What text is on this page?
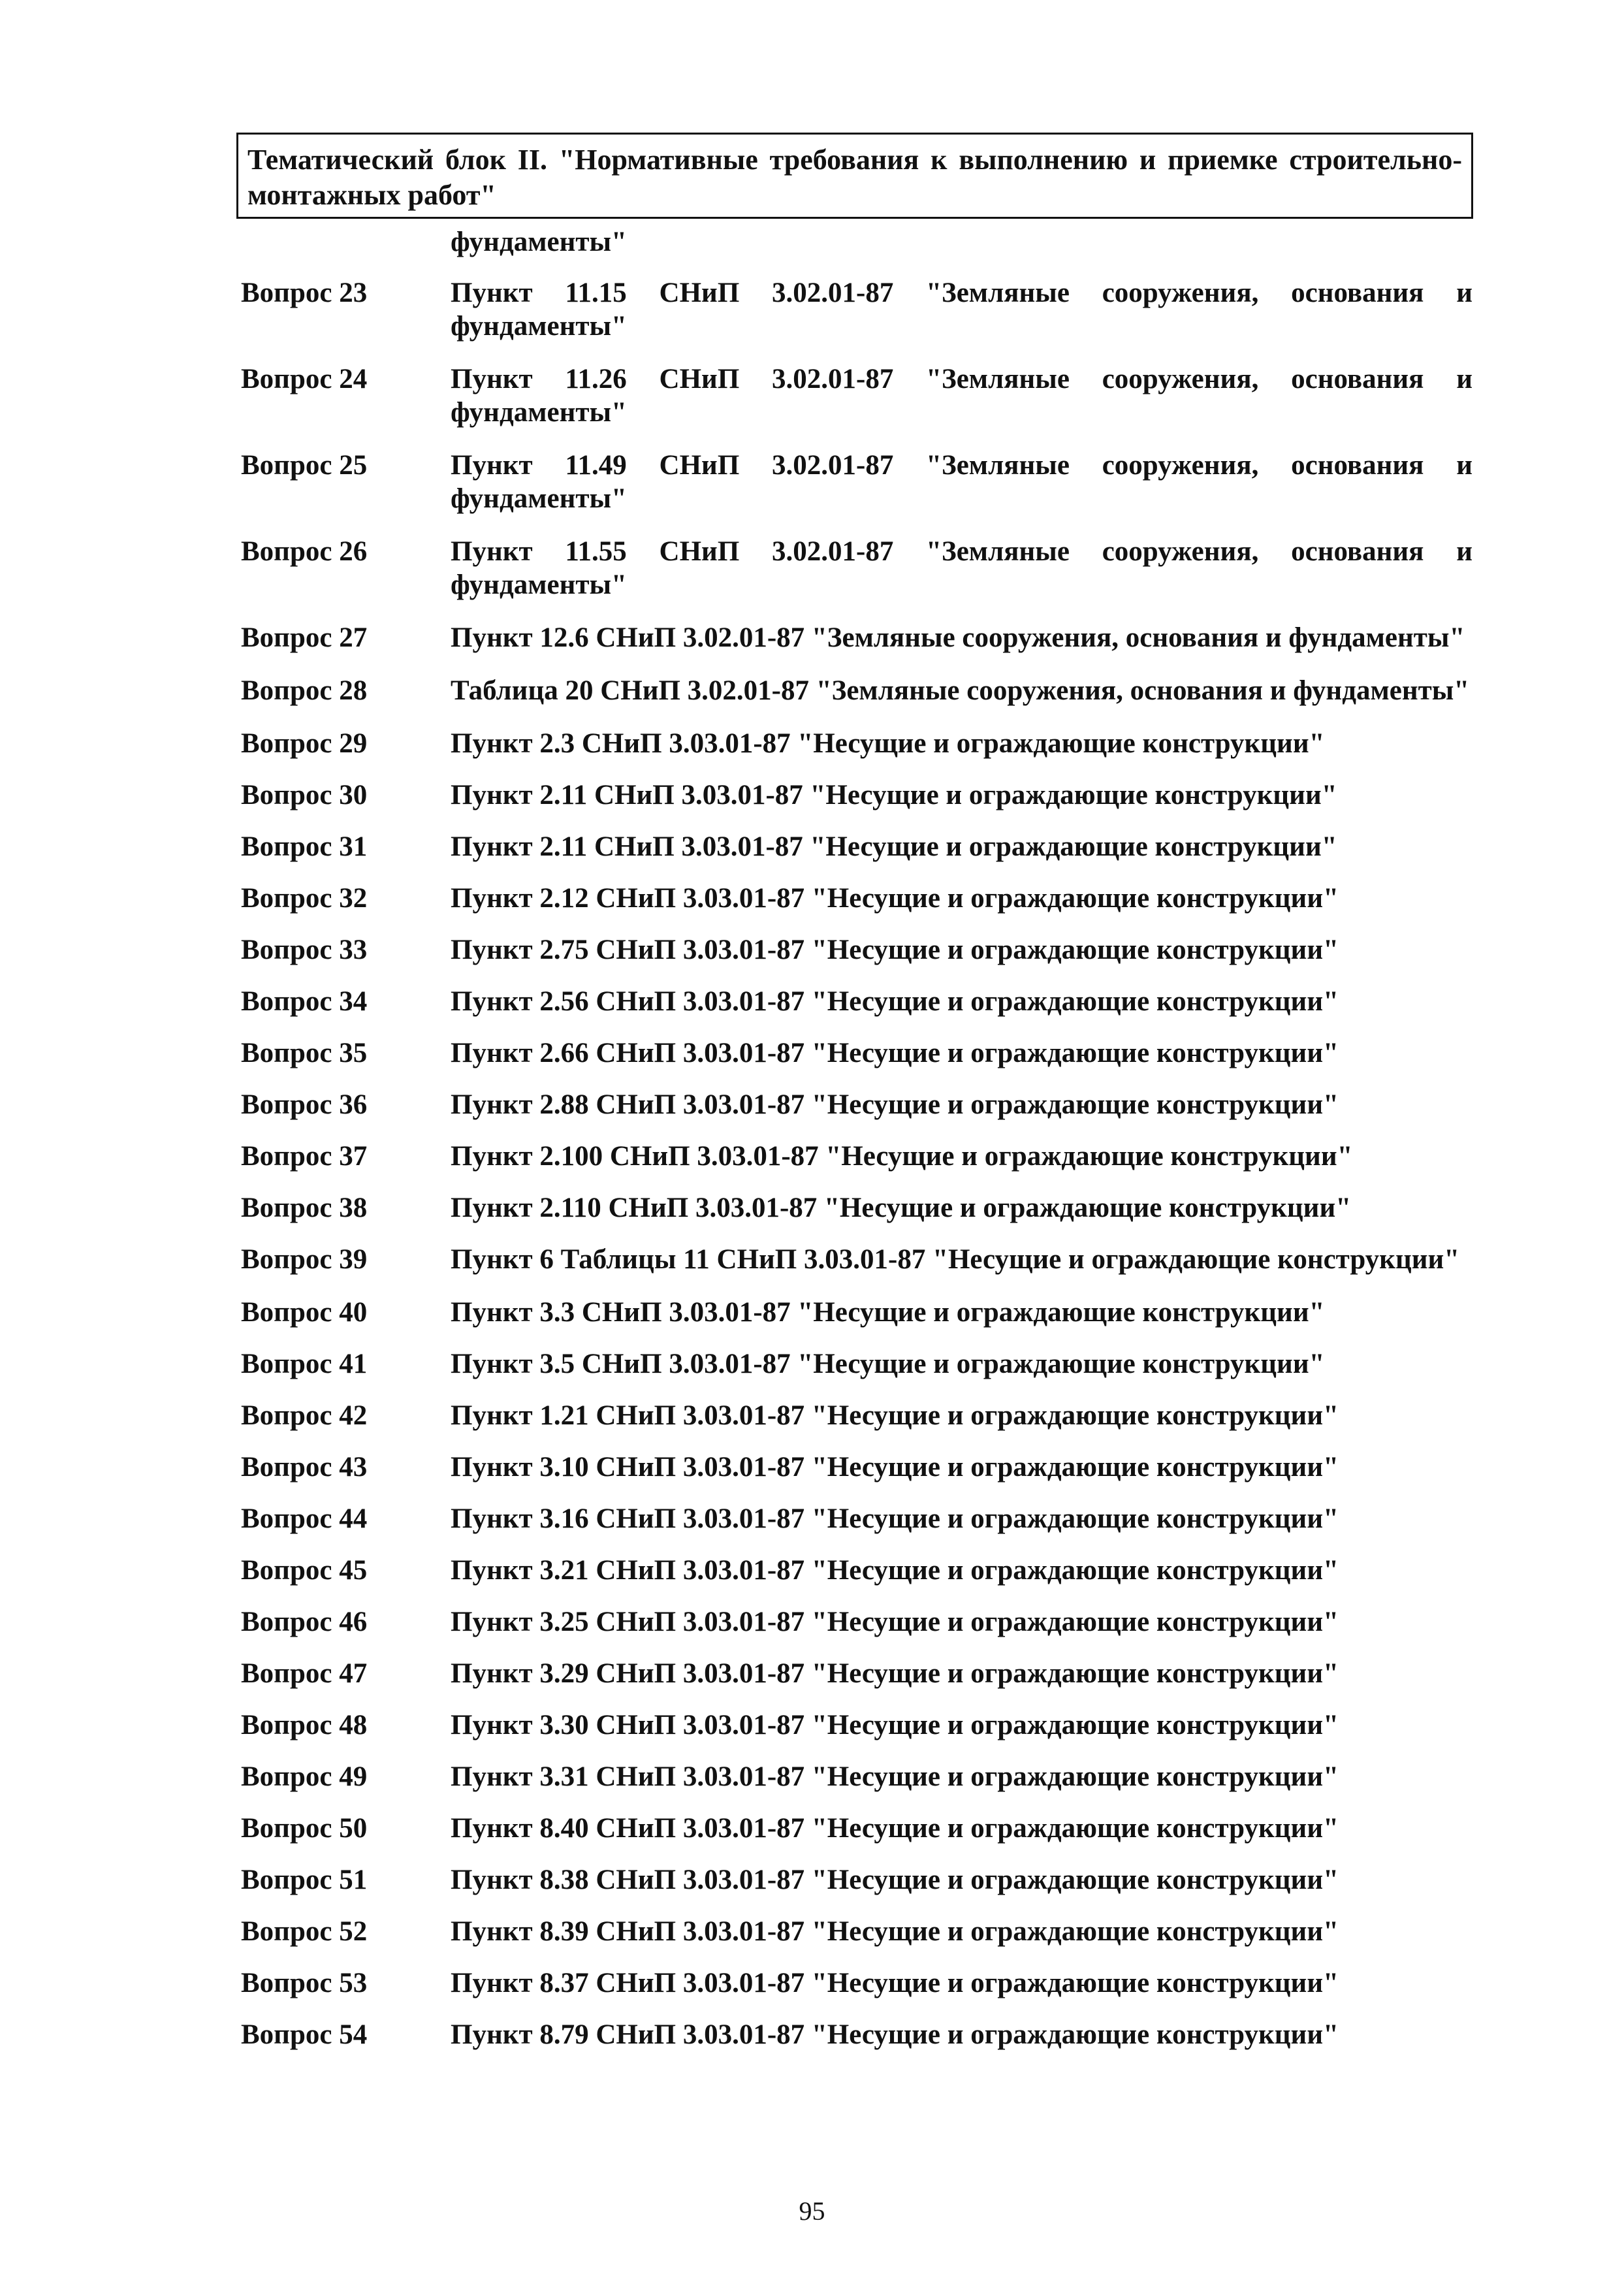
Тематический блок II. "Нормативные требования к выполнению и приемке строительно-монтажных работ"
фундаменты"
Вопрос 23	Пункт 11.15 СНиП 3.02.01-87 "Земляные сооружения, основания и фундаменты"
Вопрос 24	Пункт 11.26 СНиП 3.02.01-87 "Земляные сооружения, основания и фундаменты"
Вопрос 25	Пункт 11.49 СНиП 3.02.01-87 "Земляные сооружения, основания и фундаменты"
Вопрос 26	Пункт 11.55 СНиП 3.02.01-87 "Земляные сооружения, основания и фундаменты"
Вопрос 27	Пункт 12.6 СНиП 3.02.01-87 "Земляные сооружения, основания и фундаменты"
Вопрос 28	Таблица 20 СНиП 3.02.01-87 "Земляные сооружения, основания и фундаменты"
Вопрос 29	Пункт 2.3 СНиП 3.03.01-87 "Несущие и ограждающие конструкции"
Вопрос 30	Пункт 2.11 СНиП 3.03.01-87 "Несущие и ограждающие конструкции"
Вопрос 31	Пункт 2.11 СНиП 3.03.01-87 "Несущие и ограждающие конструкции"
Вопрос 32	Пункт 2.12 СНиП 3.03.01-87 "Несущие и ограждающие конструкции"
Вопрос 33	Пункт 2.75 СНиП 3.03.01-87 "Несущие и ограждающие конструкции"
Вопрос 34	Пункт 2.56 СНиП 3.03.01-87 "Несущие и ограждающие конструкции"
Вопрос 35	Пункт 2.66 СНиП 3.03.01-87 "Несущие и ограждающие конструкции"
Вопрос 36	Пункт 2.88 СНиП 3.03.01-87 "Несущие и ограждающие конструкции"
Вопрос 37	Пункт 2.100 СНиП 3.03.01-87 "Несущие и ограждающие конструкции"
Вопрос 38	Пункт 2.110 СНиП 3.03.01-87 "Несущие и ограждающие конструкции"
Вопрос 39	Пункт 6 Таблицы 11 СНиП 3.03.01-87 "Несущие и ограждающие конструкции"
Вопрос 40	Пункт 3.3 СНиП 3.03.01-87 "Несущие и ограждающие конструкции"
Вопрос 41	Пункт 3.5 СНиП 3.03.01-87 "Несущие и ограждающие конструкции"
Вопрос 42	Пункт 1.21 СНиП 3.03.01-87 "Несущие и ограждающие конструкции"
Вопрос 43	Пункт 3.10 СНиП 3.03.01-87 "Несущие и ограждающие конструкции"
Вопрос 44	Пункт 3.16 СНиП 3.03.01-87 "Несущие и ограждающие конструкции"
Вопрос 45	Пункт 3.21 СНиП 3.03.01-87 "Несущие и ограждающие конструкции"
Вопрос 46	Пункт 3.25 СНиП 3.03.01-87 "Несущие и ограждающие конструкции"
Вопрос 47	Пункт 3.29 СНиП 3.03.01-87 "Несущие и ограждающие конструкции"
Вопрос 48	Пункт 3.30 СНиП 3.03.01-87 "Несущие и ограждающие конструкции"
Вопрос 49	Пункт 3.31 СНиП 3.03.01-87 "Несущие и ограждающие конструкции"
Вопрос 50	Пункт 8.40 СНиП 3.03.01-87 "Несущие и ограждающие конструкции"
Вопрос 51	Пункт 8.38 СНиП 3.03.01-87 "Несущие и ограждающие конструкции"
Вопрос 52	Пункт 8.39 СНиП 3.03.01-87 "Несущие и ограждающие конструкции"
Вопрос 53	Пункт 8.37 СНиП 3.03.01-87 "Несущие и ограждающие конструкции"
Вопрос 54	Пункт 8.79 СНиП 3.03.01-87 "Несущие и ограждающие конструкции"
95
